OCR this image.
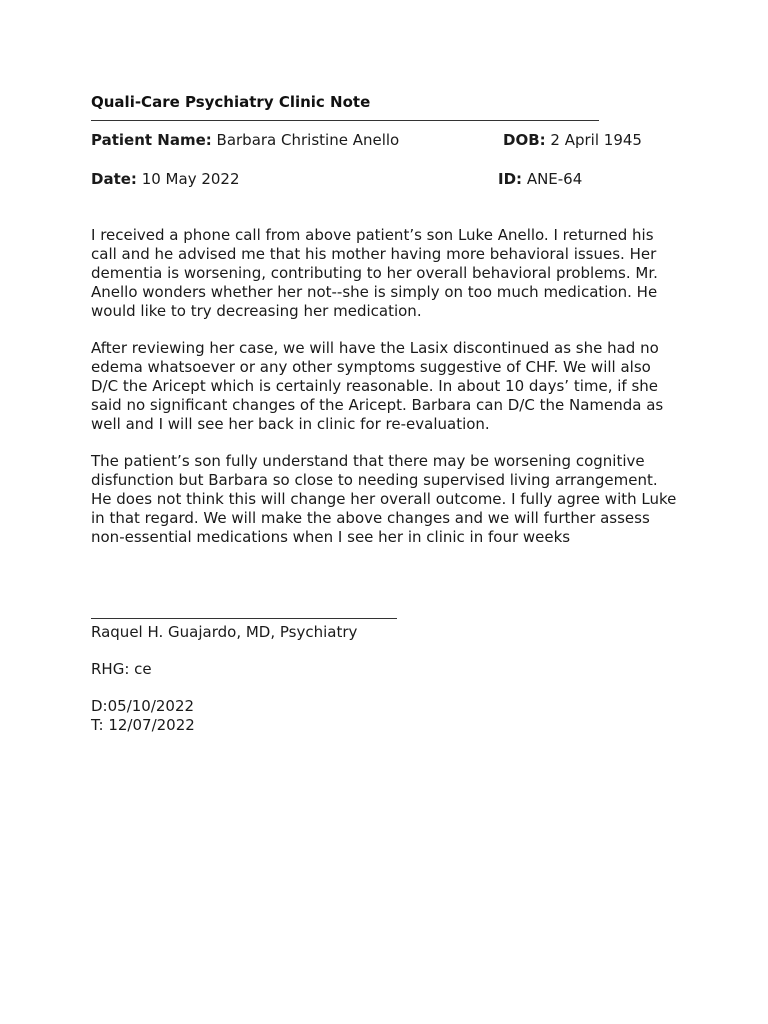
Quali-Care Psychiatry Clinic Note
Patient Name: Barbara Christine Anello	DOB: 2 April 1945
Date: 10 May 2022	ID: ANE-64

I received a phone call from above patient’s son Luke Anello. I returned his call and he advised me that his mother having more behavioral issues. Her dementia is worsening, contributing to her overall behavioral problems. Mr. Anello wonders whether her not--she is simply on too much medication. He would like to try decreasing her medication.

After reviewing her case, we will have the Lasix discontinued as she had no edema whatsoever or any other symptoms suggestive of CHF. We will also D/C the Aricept which is certainly reasonable. In about 10 days’ time, if she said no significant changes of the Aricept. Barbara can D/C the Namenda as well and I will see her back in clinic for re-evaluation.

The patient’s son fully understand that there may be worsening cognitive disfunction but Barbara so close to needing supervised living arrangement. He does not think this will change her overall outcome. I fully agree with Luke in that regard. We will make the above changes and we will further assess non-essential medications when I see her in clinic in four weeks

Raquel H. Guajardo, MD, Psychiatry
RHG: ce
D:05/10/2022
T: 12/07/2022
